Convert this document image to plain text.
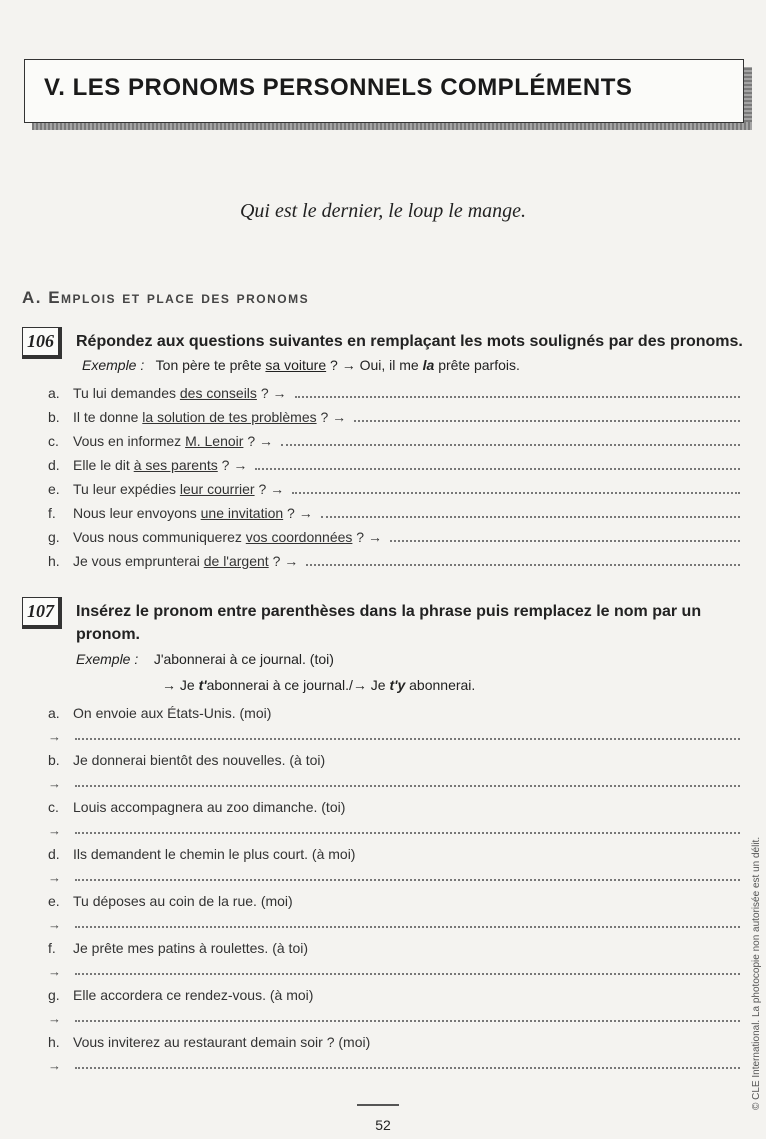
V. LES PRONOMS PERSONNELS COMPLÉMENTS
Qui est le dernier, le loup le mange.
A. Emplois et place des pronoms
106	Répondez aux questions suivantes en remplaçant les mots soulignés par des pronoms.
Exemple : Ton père te prête sa voiture ? → Oui, il me la prête parfois.
a. Tu lui demandes des conseils ? →
b. Il te donne la solution de tes problèmes ? →
c.	Vous en informez M. Lenoir ? →
d. Elle le dit à ses parents ? →
e. Tu leur expédies leur courrier ? →
f.	Nous leur envoyons une invitation ? →
g. Vous nous communiquerez vos coordonnées ? →
h. Je vous emprunterai de l'argent ? →
107	Insérez le pronom entre parenthèses dans la phrase puis remplacez le nom par un
pronom.
Exemple : J'abonnerai à ce journal. (toi)
→ Je t'abonnerai à ce journal./→ Je t'y abonnerai.
a. On envoie aux États-Unis. (moi)
→
b. Je donnerai bientôt des nouvelles. (à toi)
→
c.	Louis accompagnera au zoo dimanche. (toi)
→
d. Ils demandent le chemin le plus court. (à moi)
→
e. Tu déposes au coin de la rue. (moi)
→
f.	Je prête mes patins à roulettes. (à toi)
→
g. Elle accordera ce rendez-vous. (à moi)
→
h. Vous inviterez au restaurant demain soir ? (moi)
→
52
© CLE International. La photocopie non autorisée est un délit.
